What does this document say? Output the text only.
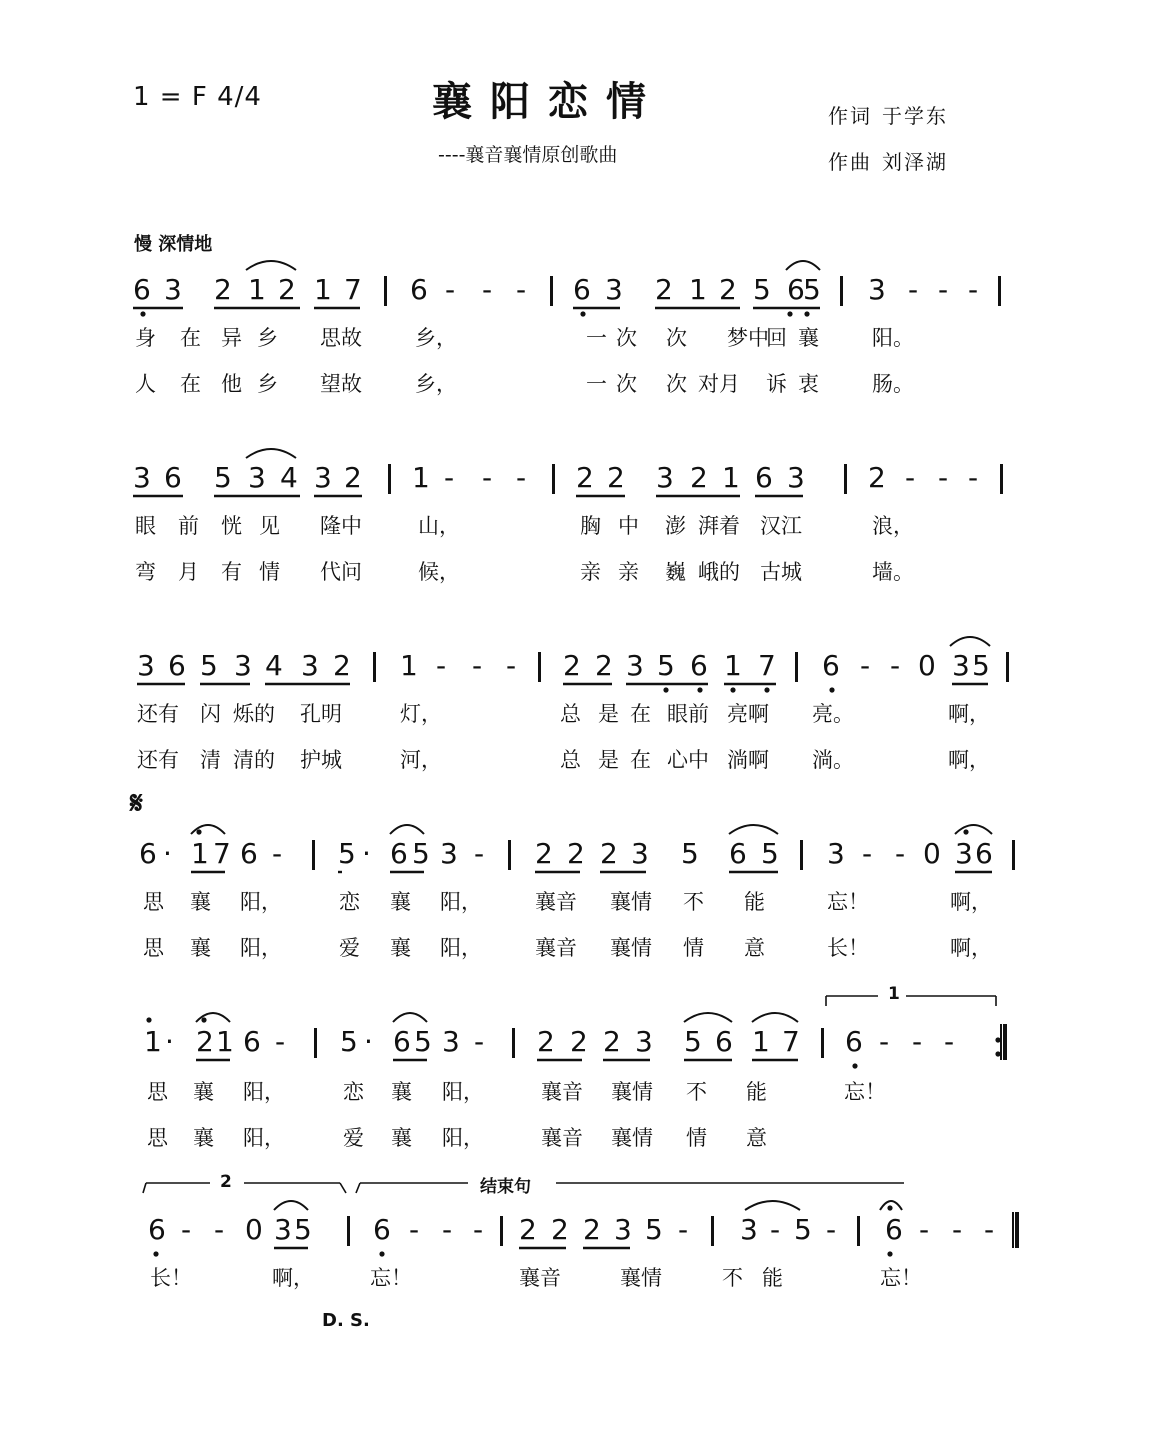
1 = F 4/4	襄阳恋情
----襄音襄情原创歌曲
作词 于学东
作曲 刘泽湖
慢 深情地
𝄋
D. S.
1
2	结束句
6 3 2 1 2 1 7 6 - - - 6 3 2 1 2 5 6
5 3 - - -
身 在 异 乡 思故	乡，	一 次 次 梦中
回 襄	阳。
人 在 他 乡 望故	乡，	一 次 次 对月 诉 衷	肠。
3 6 5 3 4 3 2 1 - - - 2 2 3 2 1 6 3 2 - - -
眼 前 恍 见 隆中	山，	胸 中 澎 湃着 汉江	浪，
弯 月 有 情 代问	候，	亲 亲 巍 峨的 古城	墙。
3 6 5 3 4 3 2 1 - - - 2 2 3 5 6 1 7 6 - - 0 3 5
还有 闪 烁的 孔明	灯，	总 是 在 眼前 亮啊 亮。	啊，
还有 清 清的 护城	河，	总 是 在 心中 淌啊 淌。	啊，
6 · 1 7 6 - 5 · 6 5 3 - 2 2 2 3 5 6 5 3 - - 0 3 6
思 襄 阳，	恋 襄 阳，	襄音 襄情 不 能	忘！	啊，
思 襄 阳，	爱 襄 阳，	襄音 襄情 情 意	长！	啊，
1 · 2 1 6 - 5 · 6 5 3 - 2 2 2 3 5 6 1 7 6 - - -
思 襄 阳，	恋 襄 阳，	襄音 襄情 不 能	忘！
思 襄 阳，	爱 襄 阳，	襄音 襄情 情 意
6 - - 0 3 5 6 - - - 2 2 2 3 5 - 3 - 5 - 6 - - -
长！	啊，	忘！	襄音	襄情	不 能	忘！
